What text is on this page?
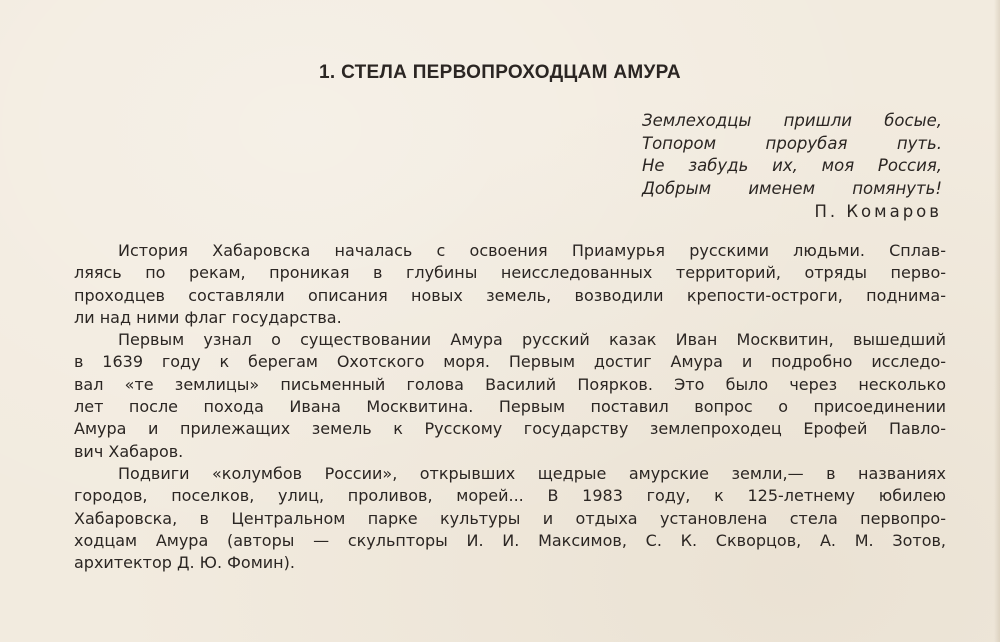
1. СТЕЛА ПЕРВОПРОХОДЦАМ АМУРА
Землеходцы пришли босые,
Топором прорубая путь.
Не забудь их, моя Россия,
Добрым именем помянуть!
П. Комаров
История Хабаровска началась с освоения Приамурья русскими людьми. Сплав-
ляясь по рекам, проникая в глубины неисследованных территорий, отряды перво-
проходцев составляли описания новых земель, возводили крепости-остроги, поднима-
ли над ними флаг государства.
Первым узнал о существовании Амура русский казак Иван Москвитин, вышедший
в 1639 году к берегам Охотского моря. Первым достиг Амура и подробно исследо-
вал «те землицы» письменный голова Василий Поярков. Это было через несколько
лет после похода Ивана Москвитина. Первым поставил вопрос о присоединении
Амура и прилежащих земель к Русскому государству землепроходец Ерофей Павло-
вич Хабаров.
Подвиги «колумбов России», открывших щедрые амурские земли,— в названиях
городов, поселков, улиц, проливов, морей... В 1983 году, к 125-летнему юбилею
Хабаровска, в Центральном парке культуры и отдыха установлена стела первопро-
ходцам Амура (авторы — скульпторы И. И. Максимов, С. К. Скворцов, А. М. Зотов,
архитектор Д. Ю. Фомин).
